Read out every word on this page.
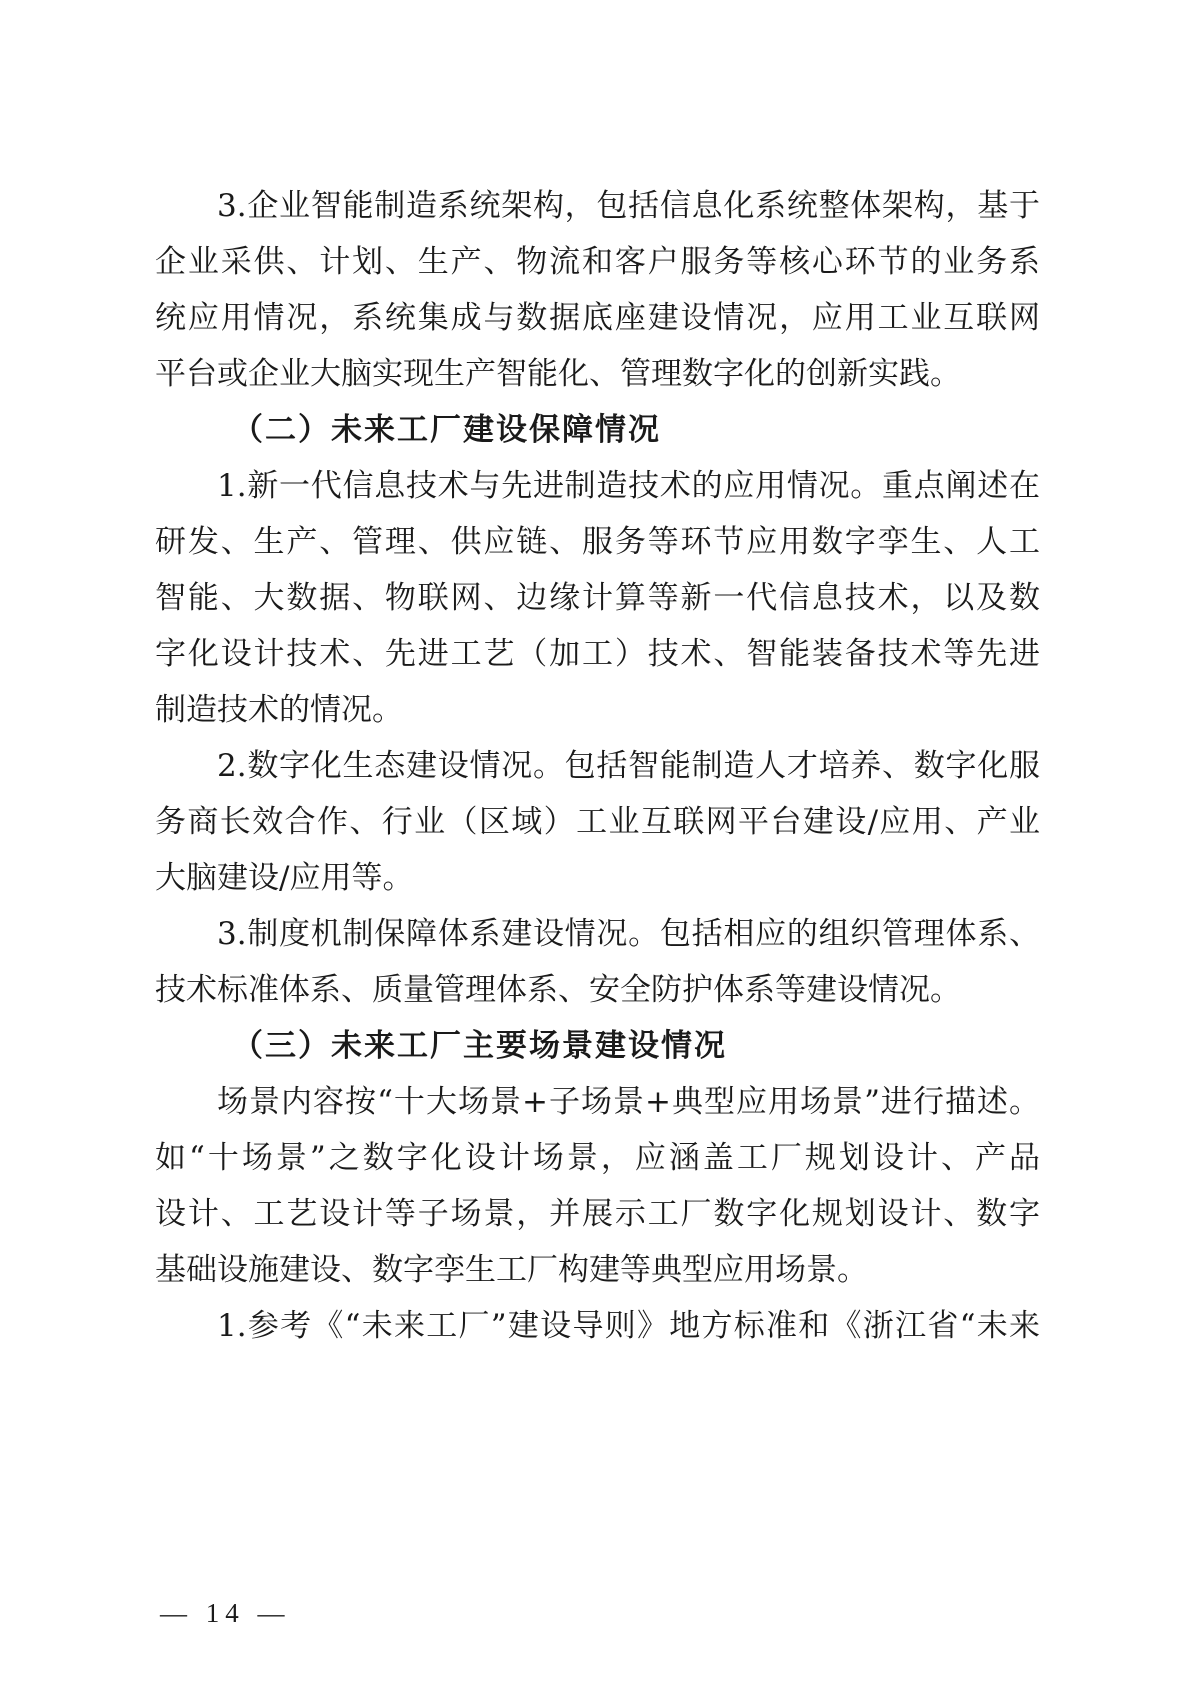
3.企业智能制造系统架构，包括信息化系统整体架构，基于
企业采供、计划、生产、物流和客户服务等核心环节的业务系
统应用情况，系统集成与数据底座建设情况，应用工业互联网
平台或企业大脑实现生产智能化、管理数字化的创新实践。
（二）未来工厂建设保障情况
1.新一代信息技术与先进制造技术的应用情况。重点阐述在
研发、生产、管理、供应链、服务等环节应用数字孪生、人工
智能、大数据、物联网、边缘计算等新一代信息技术，以及数
字化设计技术、先进工艺（加工）技术、智能装备技术等先进
制造技术的情况。
2.数字化生态建设情况。包括智能制造人才培养、数字化服
务商长效合作、行业（区域）工业互联网平台建设/应用、产业
大脑建设/应用等。
3.制度机制保障体系建设情况。包括相应的组织管理体系、
技术标准体系、质量管理体系、安全防护体系等建设情况。
（三）未来工厂主要场景建设情况
场景内容按“十大场景+子场景+典型应用场景”进行描述。
如“十场景”之数字化设计场景，应涵盖工厂规划设计、产品
设计、工艺设计等子场景，并展示工厂数字化规划设计、数字
基础设施建设、数字孪生工厂构建等典型应用场景。
1.参考《“未来工厂”建设导则》地方标准和《浙江省“未来
— 14 —
